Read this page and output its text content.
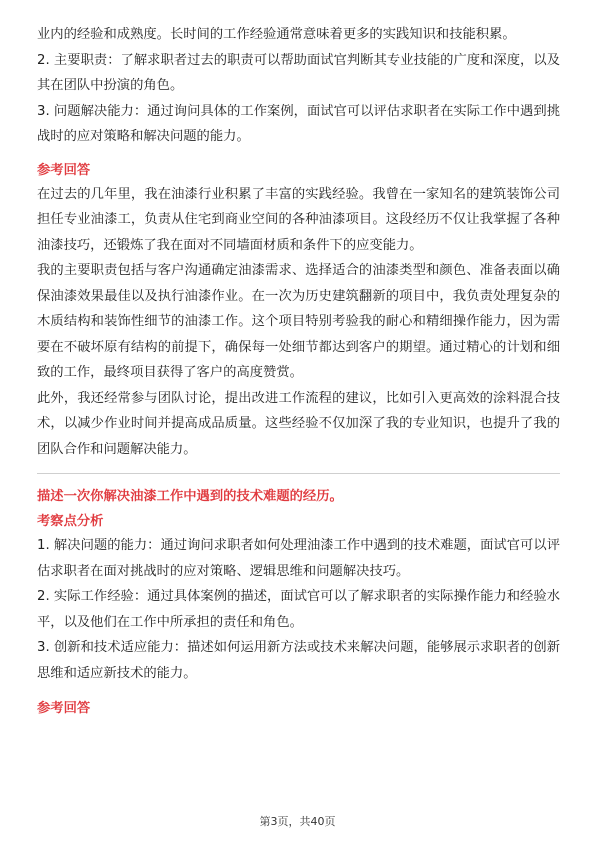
业内的经验和成熟度。长时间的工作经验通常意味着更多的实践知识和技能积累。

2. 主要职责：了解求职者过去的职责可以帮助面试官判断其专业技能的广度和深度，以及其在团队中扮演的角色。

3. 问题解决能力：通过询问具体的工作案例，面试官可以评估求职者在实际工作中遇到挑战时的应对策略和解决问题的能力。

参考回答

在过去的几年里，我在油漆行业积累了丰富的实践经验。我曾在一家知名的建筑装饰公司担任专业油漆工，负责从住宅到商业空间的各种油漆项目。这段经历不仅让我掌握了各种油漆技巧，还锻炼了我在面对不同墙面材质和条件下的应变能力。

我的主要职责包括与客户沟通确定油漆需求、选择适合的油漆类型和颜色、准备表面以确保油漆效果最佳以及执行油漆作业。在一次为历史建筑翻新的项目中，我负责处理复杂的木质结构和装饰性细节的油漆工作。这个项目特别考验我的耐心和精细操作能力，因为需要在不破坏原有结构的前提下，确保每一处细节都达到客户的期望。通过精心的计划和细致的工作，最终项目获得了客户的高度赞赏。

此外，我还经常参与团队讨论，提出改进工作流程的建议，比如引入更高效的涂料混合技术，以减少作业时间并提高成品质量。这些经验不仅加深了我的专业知识，也提升了我的团队合作和问题解决能力。

描述一次你解决油漆工作中遇到的技术难题的经历。

考察点分析

1. 解决问题的能力：通过询问求职者如何处理油漆工作中遇到的技术难题，面试官可以评估求职者在面对挑战时的应对策略、逻辑思维和问题解决技巧。

2. 实际工作经验：通过具体案例的描述，面试官可以了解求职者的实际操作能力和经验水平，以及他们在工作中所承担的责任和角色。

3. 创新和技术适应能力：描述如何运用新方法或技术来解决问题，能够展示求职者的创新思维和适应新技术的能力。

参考回答

第3页，共40页
